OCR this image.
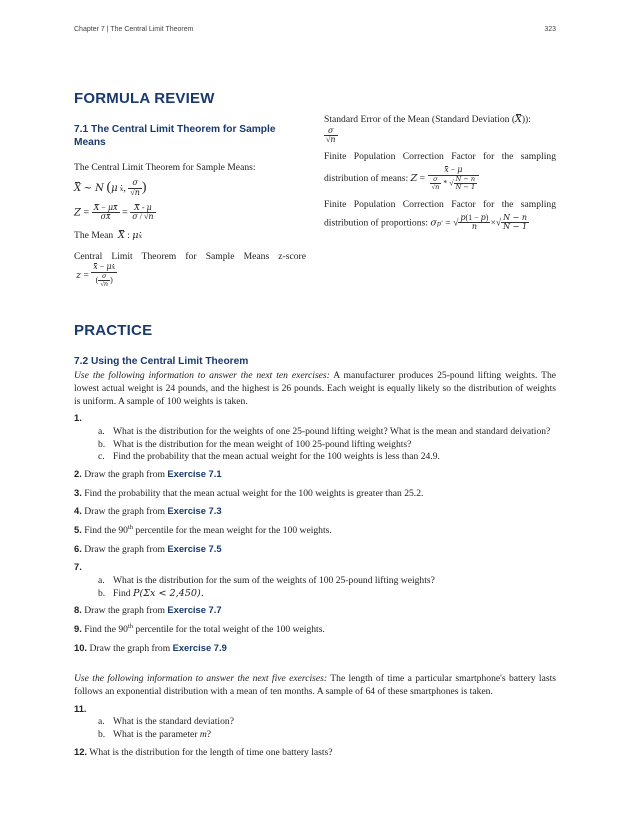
Chapter 7 | The Central Limit Theorem	323
FORMULA REVIEW
7.1 The Central Limit Theorem for Sample Means

The Central Limit Theorem for Sample Means:

X ~ N (μ x, $\frac{\sigma}{√n}$ )
$Z = \frac{X - \mu X}{\sigma X} = \frac{X - \mu}{\sigma / √n}$
The Mean X : μx

Central Limit Theorem for Sample Means z-score

$z = \frac{x - \mu x}{( \frac{\sigma}{√n} )}$

Standard Error of the Mean (Standard Deviation (X)):

$\frac{\sigma}{√n}$

Finite Population Correction Factor for the sampling

distribution of means: $Z = \frac{x - \mu}{\frac{\sigma}{√n} * √ \frac{N - n}{N - 1}}$

Finite Population Correction Factor for the sampling

distribution of proportions: σp' = √ $\frac{p(1 - p)}{n}$ ×√ $\frac{N - n}{N - 1}$
PRACTICE
7.2 Using the Central Limit Theorem

Use the following information to answer the next ten exercises: A manufacturer produces 25-pound lifting weights. The lowest actual weight is 24 pounds, and the highest is 26 pounds. Each weight is equally likely so the distribution of weights is uniform. A sample of 100 weights is taken.

1.

a. What is the distribution for the weights of one 25-pound lifting weight? What is the mean and standard deivation?
b. What is the distribution for the mean weight of 100 25-pound lifting weights?
c. Find the probability that the mean actual weight for the 100 weights is less than 24.9.

2. Draw the graph from Exercise 7.1

3. Find the probability that the mean actual weight for the 100 weights is greater than 25.2.

4. Draw the graph from Exercise 7.3

5. Find the 90th percentile for the mean weight for the 100 weights.

6. Draw the graph from Exercise 7.5

7.

a. What is the distribution for the sum of the weights of 100 25-pound lifting weights?
b. Find P(Σx < 2,450).

8. Draw the graph from Exercise 7.7

9. Find the 90th percentile for the total weight of the 100 weights.

10. Draw the graph from Exercise 7.9

Use the following information to answer the next five exercises: The length of time a particular smartphone's battery lasts follows an exponential distribution with a mean of ten months. A sample of 64 of these smartphones is taken.

11.

a. What is the standard deviation?
b. What is the parameter m?

12. What is the distribution for the length of time one battery lasts?
